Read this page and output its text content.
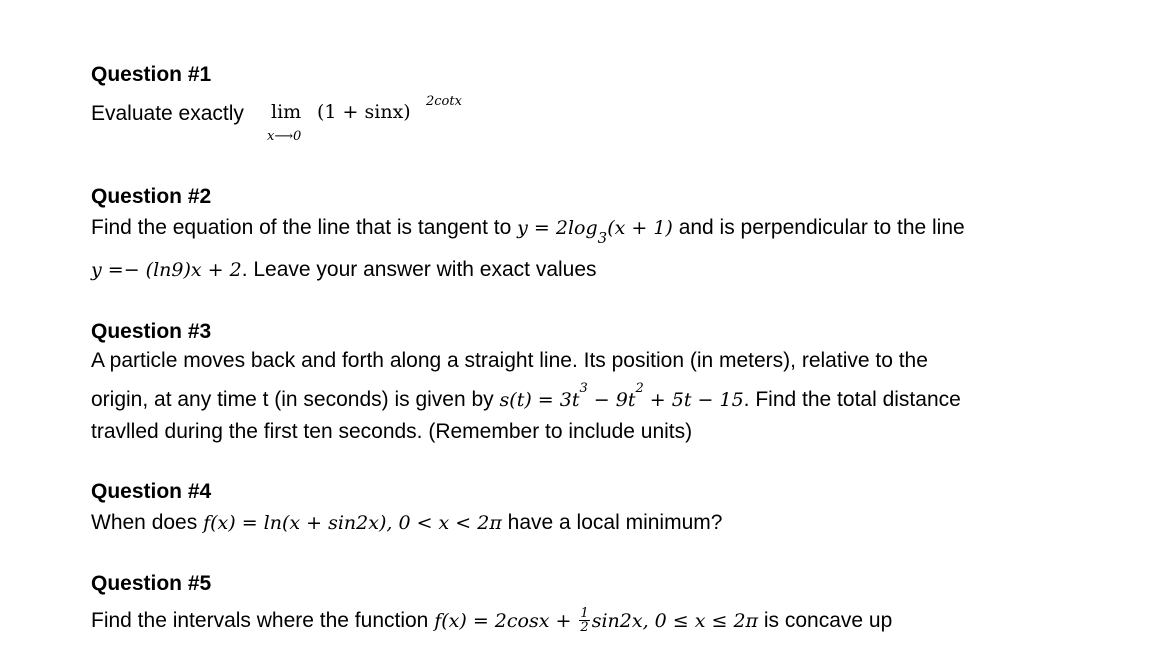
Question #1
Evaluate exactly lim
x⟶0
(1 + sinx) 2cotx
Question #2
Find the equation of the line that is tangent to $y = 2\log_3(x + 1)$ and is perpendicular to the line
y =− (ln9)x + 2. Leave your answer with exact values
Question #3
A particle moves back and forth along a straight line. Its position (in meters), relative to the
origin, at any time t (in seconds) is given by $s(t) = 3t^3 - 9t^2 + 5t - 15$. Find the total distance
travlled during the first ten seconds. (Remember to include units)
Question #4
When does f(x) = ln(x + sin2x), 0 < x < 2π have a local minimum?
Question #5
Find the intervals where the function $f(x) = 2\cos x + \frac{1}{2} \sin 2x$, 0 ≤ x ≤ 2π is concave up
